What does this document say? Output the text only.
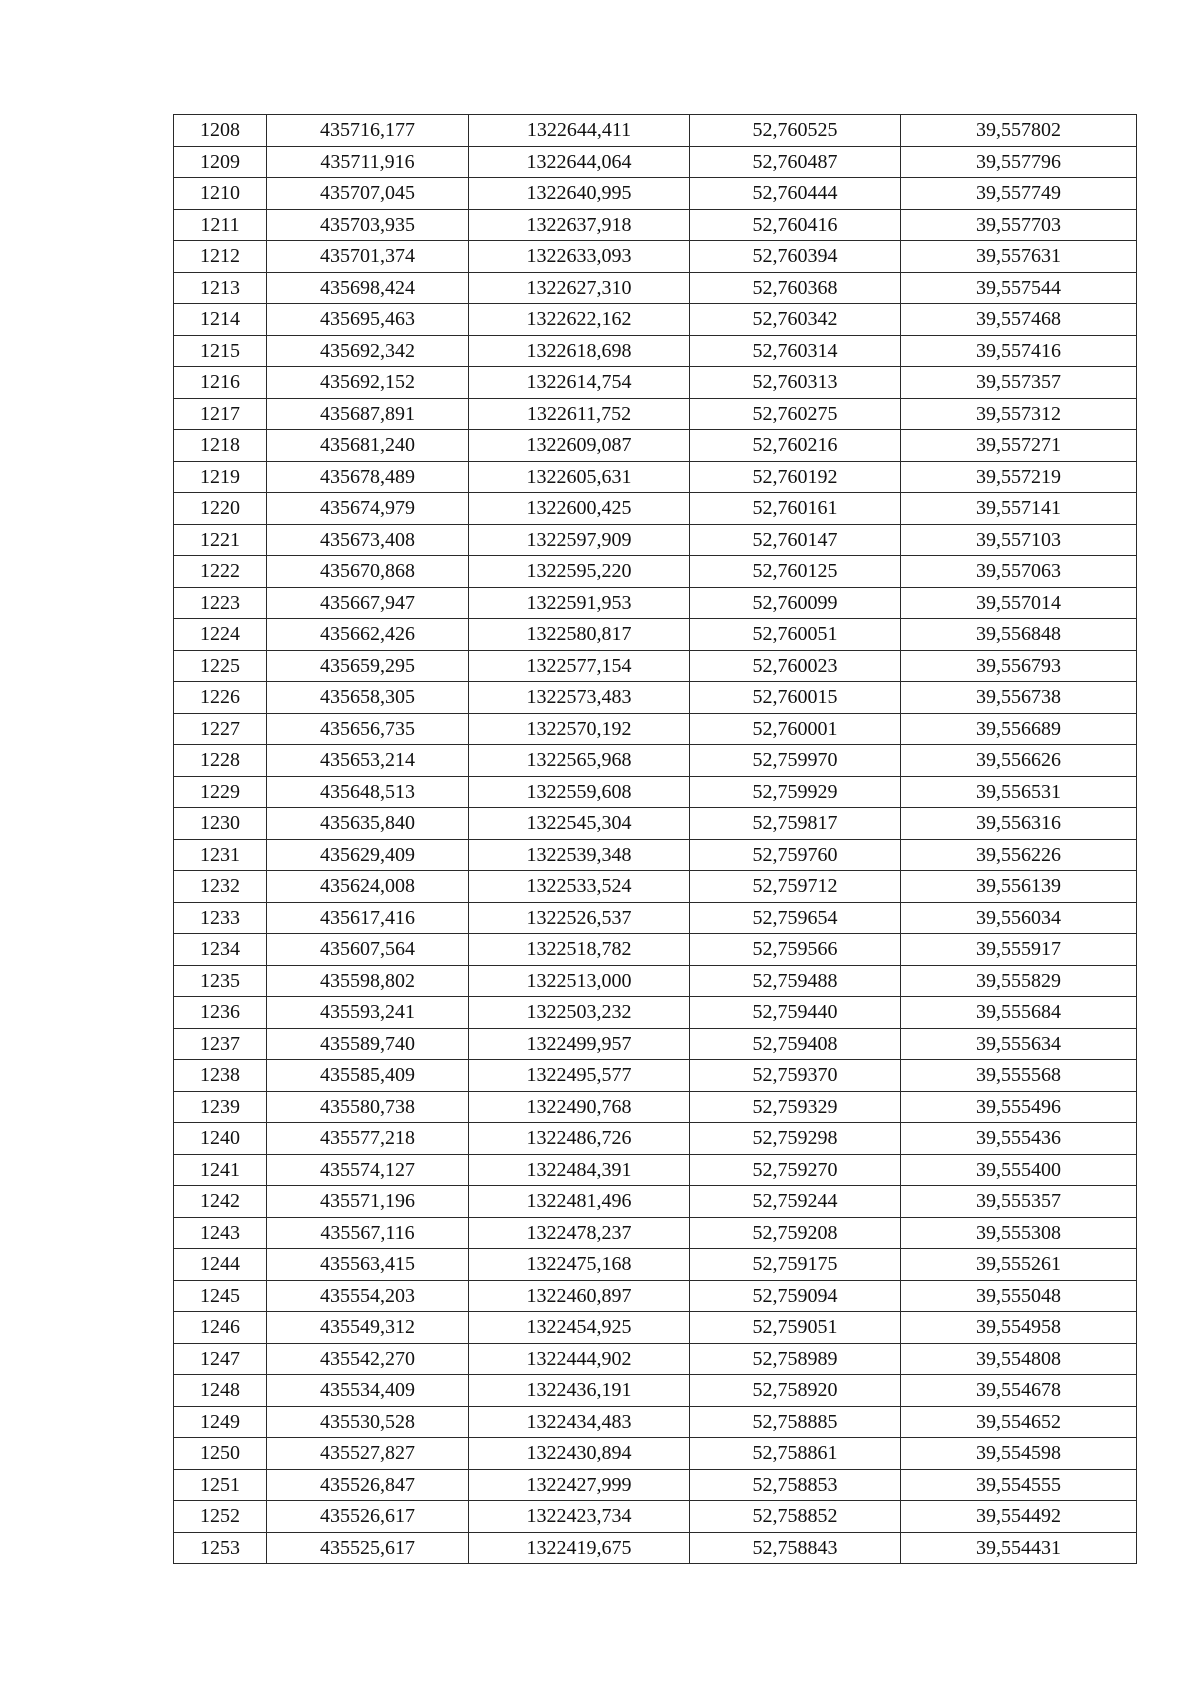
1208	435716,177	1322644,411	52,760525	39,557802
1209	435711,916	1322644,064	52,760487	39,557796
1210	435707,045	1322640,995	52,760444	39,557749
1211	435703,935	1322637,918	52,760416	39,557703
1212	435701,374	1322633,093	52,760394	39,557631
1213	435698,424	1322627,310	52,760368	39,557544
1214	435695,463	1322622,162	52,760342	39,557468
1215	435692,342	1322618,698	52,760314	39,557416
1216	435692,152	1322614,754	52,760313	39,557357
1217	435687,891	1322611,752	52,760275	39,557312
1218	435681,240	1322609,087	52,760216	39,557271
1219	435678,489	1322605,631	52,760192	39,557219
1220	435674,979	1322600,425	52,760161	39,557141
1221	435673,408	1322597,909	52,760147	39,557103
1222	435670,868	1322595,220	52,760125	39,557063
1223	435667,947	1322591,953	52,760099	39,557014
1224	435662,426	1322580,817	52,760051	39,556848
1225	435659,295	1322577,154	52,760023	39,556793
1226	435658,305	1322573,483	52,760015	39,556738
1227	435656,735	1322570,192	52,760001	39,556689
1228	435653,214	1322565,968	52,759970	39,556626
1229	435648,513	1322559,608	52,759929	39,556531
1230	435635,840	1322545,304	52,759817	39,556316
1231	435629,409	1322539,348	52,759760	39,556226
1232	435624,008	1322533,524	52,759712	39,556139
1233	435617,416	1322526,537	52,759654	39,556034
1234	435607,564	1322518,782	52,759566	39,555917
1235	435598,802	1322513,000	52,759488	39,555829
1236	435593,241	1322503,232	52,759440	39,555684
1237	435589,740	1322499,957	52,759408	39,555634
1238	435585,409	1322495,577	52,759370	39,555568
1239	435580,738	1322490,768	52,759329	39,555496
1240	435577,218	1322486,726	52,759298	39,555436
1241	435574,127	1322484,391	52,759270	39,555400
1242	435571,196	1322481,496	52,759244	39,555357
1243	435567,116	1322478,237	52,759208	39,555308
1244	435563,415	1322475,168	52,759175	39,555261
1245	435554,203	1322460,897	52,759094	39,555048
1246	435549,312	1322454,925	52,759051	39,554958
1247	435542,270	1322444,902	52,758989	39,554808
1248	435534,409	1322436,191	52,758920	39,554678
1249	435530,528	1322434,483	52,758885	39,554652
1250	435527,827	1322430,894	52,758861	39,554598
1251	435526,847	1322427,999	52,758853	39,554555
1252	435526,617	1322423,734	52,758852	39,554492
1253	435525,617	1322419,675	52,758843	39,554431
